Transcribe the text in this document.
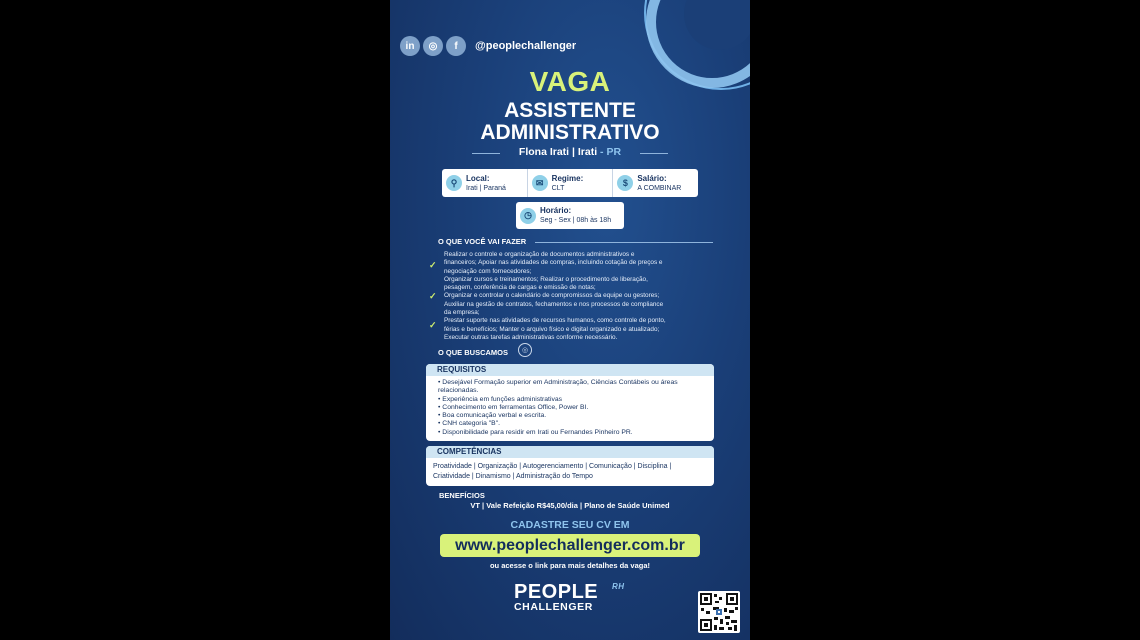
in	◎	f	@peoplechallenger
VAGA
ASSISTENTE
ADMINISTRATIVO
Flona Irati | Irati - PR
⚲	Local:
Irati | Paraná
✉	Regime:
CLT	$	Salário:
A COMBINAR
◷	Horário:
Seg - Sex | 08h às 18h
O QUE VOCÊ VAI FAZER
✓
✓
✓
Realizar o controle e organização de documentos administrativos e
financeiros; Apoiar nas atividades de compras, incluindo cotação de preços e
negociação com fornecedores;
Organizar cursos e treinamentos; Realizar o procedimento de liberação,
pesagem, conferência de cargas e emissão de notas;
Organizar e controlar o calendário de compromissos da equipe ou gestores;
Auxiliar na gestão de contratos, fechamentos e nos processos de compliance
da empresa;
Prestar suporte nas atividades de recursos humanos, como controle de ponto,
férias e benefícios; Manter o arquivo físico e digital organizado e atualizado;
Executar outras tarefas administrativas conforme necessário.
O QUE BUSCAMOS	◎
REQUISITOS
• Desejável Formação superior em Administração, Ciências Contábeis ou áreas relacionadas.
• Experiência em funções administrativas
• Conhecimento em ferramentas Office, Power BI.
• Boa comunicação verbal e escrita.
• CNH categoria "B".
• Disponibilidade para residir em Irati ou Fernandes Pinheiro PR.
COMPETÊNCIAS
Proatividade | Organização | Autogerenciamento | Comunicação | Disciplina | Criatividade | Dinamismo | Administração do Tempo
BENEFÍCIOS
VT | Vale Refeição R$45,00/dia | Plano de Saúde Unimed
CADASTRE SEU CV EM
www.peoplechallenger.com.br
ou acesse o link para mais detalhes da vaga!
PEOPLE RH
CHALLENGER
